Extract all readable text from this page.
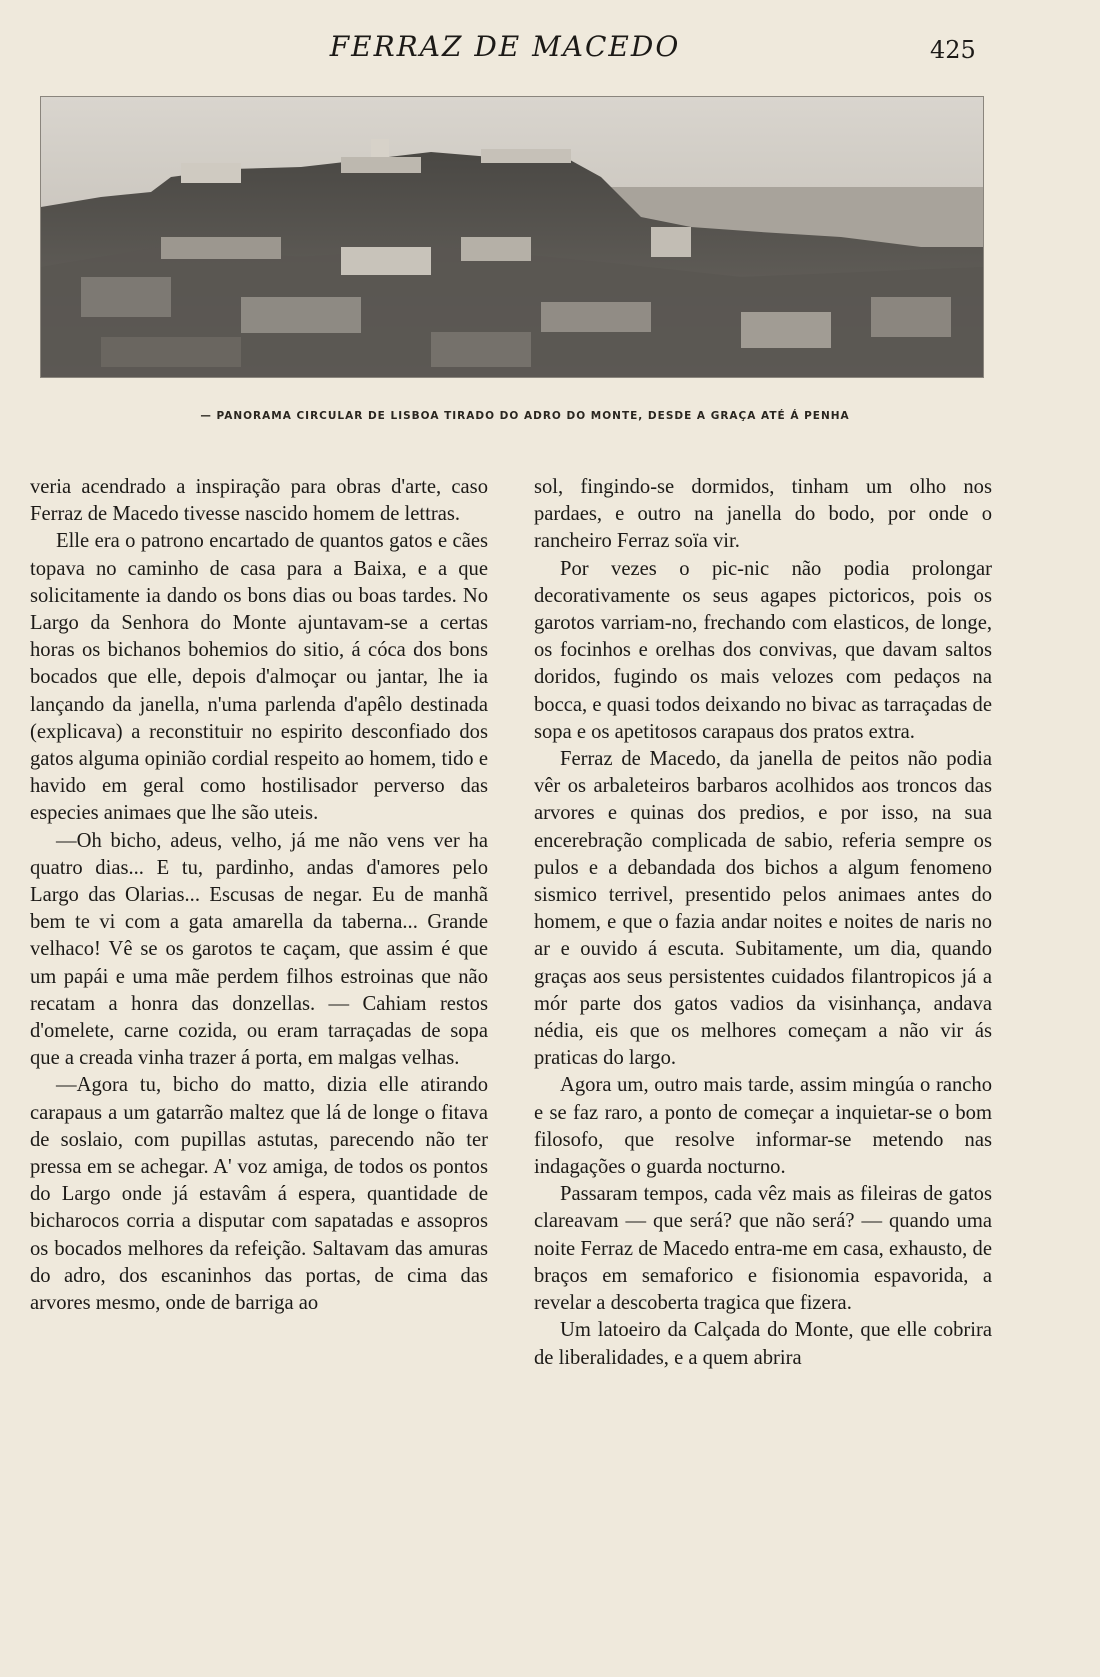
FERRAZ DE MACEDO	425
— PANORAMA CIRCULAR DE LISBOA TIRADO DO ADRO DO MONTE, DESDE A GRAÇA ATÉ Á PENHA

veria acendrado a inspiração para obras d'arte, caso Ferraz de Macedo tivesse nascido homem de lettras.

Elle era o patrono encartado de quantos gatos e cães topava no caminho de casa para a Baixa, e a que solicitamente ia dando os bons dias ou boas tardes. No Largo da Senhora do Monte ajuntavam-se a certas horas os bichanos bohemios do sitio, á cóca dos bons bocados que elle, depois d'almoçar ou jantar, lhe ia lançando da janella, n'uma parlenda d'apêlo destinada (explicava) a reconstituir no espirito desconfiado dos gatos alguma opinião cordial respeito ao homem, tido e havido em geral como hostilisador perverso das especies animaes que lhe são uteis.

—Oh bicho, adeus, velho, já me não vens ver ha quatro dias... E tu, pardinho, andas d'amores pelo Largo das Olarias... Escusas de negar. Eu de manhã bem te vi com a gata amarella da taberna... Grande velhaco! Vê se os garotos te caçam, que assim é que um papái e uma mãe perdem filhos estroinas que não recatam a honra das donzellas. — Cahiam restos d'omelete, carne cozida, ou eram tarraçadas de sopa que a creada vinha trazer á porta, em malgas velhas.

—Agora tu, bicho do matto, dizia elle atirando carapaus a um gatarrão maltez que lá de longe o fitava de soslaio, com pupillas astutas, parecendo não ter pressa em se achegar. A' voz amiga, de todos os pontos do Largo onde já estavâm á espera, quantidade de bicharocos corria a disputar com sapatadas e assopros os bocados melhores da refeição. Saltavam das amuras do adro, dos escaninhos das portas, de cima das arvores mesmo, onde de barriga ao

sol, fingindo-se dormidos, tinham um olho nos pardaes, e outro na janella do bodo, por onde o rancheiro Ferraz soïa vir.

Por vezes o pic-nic não podia prolongar decorativamente os seus agapes pictoricos, pois os garotos varriam-no, frechando com elasticos, de longe, os focinhos e orelhas dos convivas, que davam saltos doridos, fugindo os mais velozes com pedaços na bocca, e quasi todos deixando no bivac as tarraçadas de sopa e os apetitosos carapaus dos pratos extra.

Ferraz de Macedo, da janella de peitos não podia vêr os arbaleteiros barbaros acolhidos aos troncos das arvores e quinas dos predios, e por isso, na sua encerebração complicada de sabio, referia sempre os pulos e a debandada dos bichos a algum fenomeno sismico terrivel, presentido pelos animaes antes do homem, e que o fazia andar noites e noites de naris no ar e ouvido á escuta. Subitamente, um dia, quando graças aos seus persistentes cuidados filantropicos já a mór parte dos gatos vadios da visinhança, andava nédia, eis que os melhores começam a não vir ás praticas do largo.

Agora um, outro mais tarde, assim mingúa o rancho e se faz raro, a ponto de começar a inquietar-se o bom filosofo, que resolve informar-se metendo nas indagações o guarda nocturno.

Passaram tempos, cada vêz mais as fileiras de gatos clareavam — que será? que não será? — quando uma noite Ferraz de Macedo entra-me em casa, exhausto, de braços em semaforico e fisionomia espavorida, a revelar a descoberta tragica que fizera.

Um latoeiro da Calçada do Monte, que elle cobrira de liberalidades, e a quem abrira
